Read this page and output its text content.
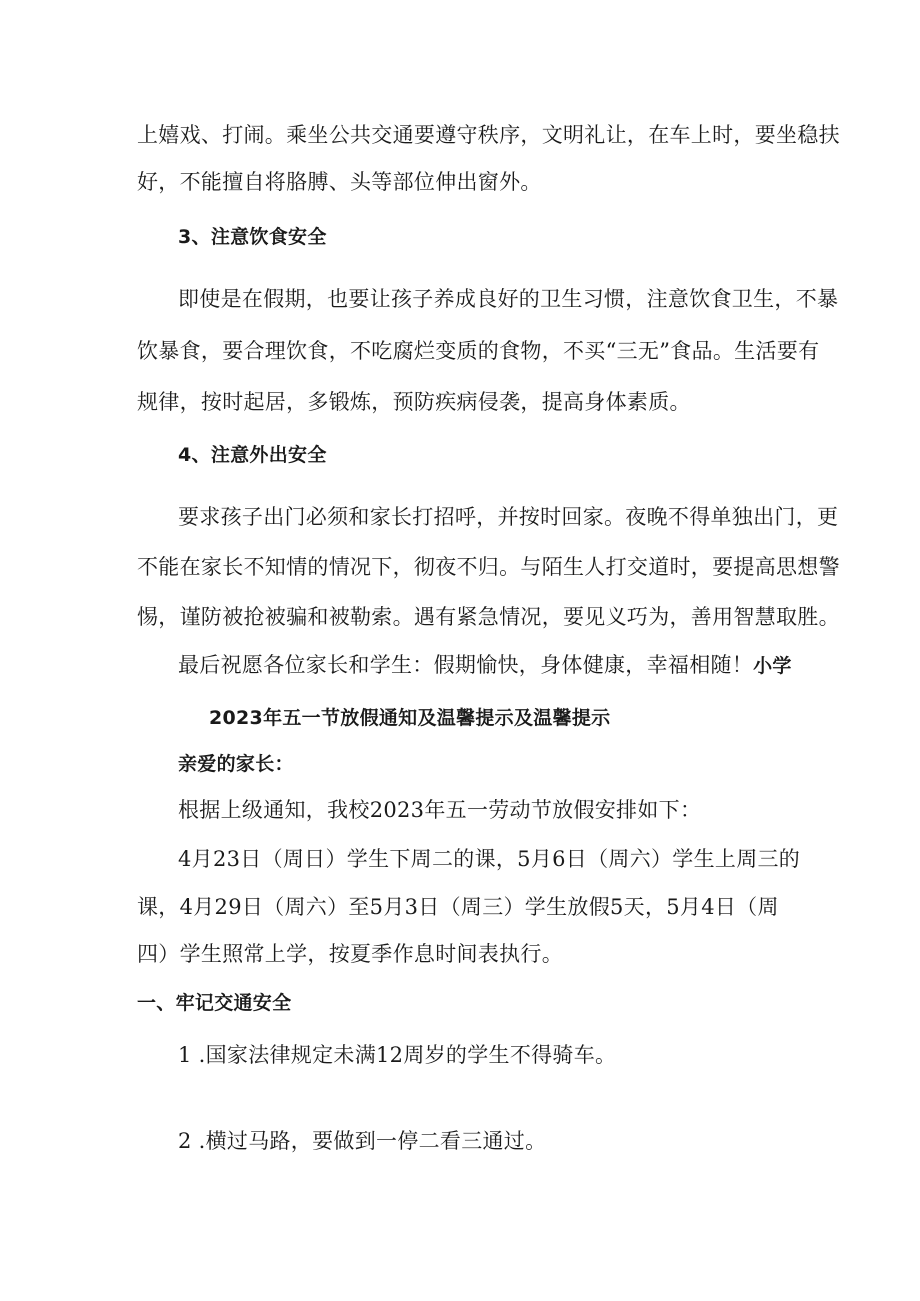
上嬉戏、打闹。乘坐公共交通要遵守秩序，文明礼让，在车上时，要坐稳扶
好，不能擅自将胳膊、头等部位伸出窗外。
3、注意饮食安全
即使是在假期，也要让孩子养成良好的卫生习惯，注意饮食卫生，不暴
饮暴食，要合理饮食，不吃腐烂变质的食物，不买“三无”食品。生活要有
规律，按时起居，多锻炼，预防疾病侵袭，提高身体素质。
4、注意外出安全
要求孩子出门必须和家长打招呼，并按时回家。夜晚不得单独出门，更
不能在家长不知情的情况下，彻夜不归。与陌生人打交道时，要提高思想警
惕，谨防被抢被骗和被勒索。遇有紧急情况，要见义巧为，善用智慧取胜。
最后祝愿各位家长和学生：假期愉快，身体健康，幸福相随！小学
2023年五一节放假通知及温馨提示及温馨提示
亲爱的家长：
根据上级通知，我校2023年五一劳动节放假安排如下：
4月23日（周日）学生下周二的课，5月6日（周六）学生上周三的
课，4月29日（周六）至5月3日（周三）学生放假5天，5月4日（周
四）学生照常上学，按夏季作息时间表执行。
一、牢记交通安全
1 .国家法律规定未满12周岁的学生不得骑车。
2 .横过马路，要做到一停二看三通过。
